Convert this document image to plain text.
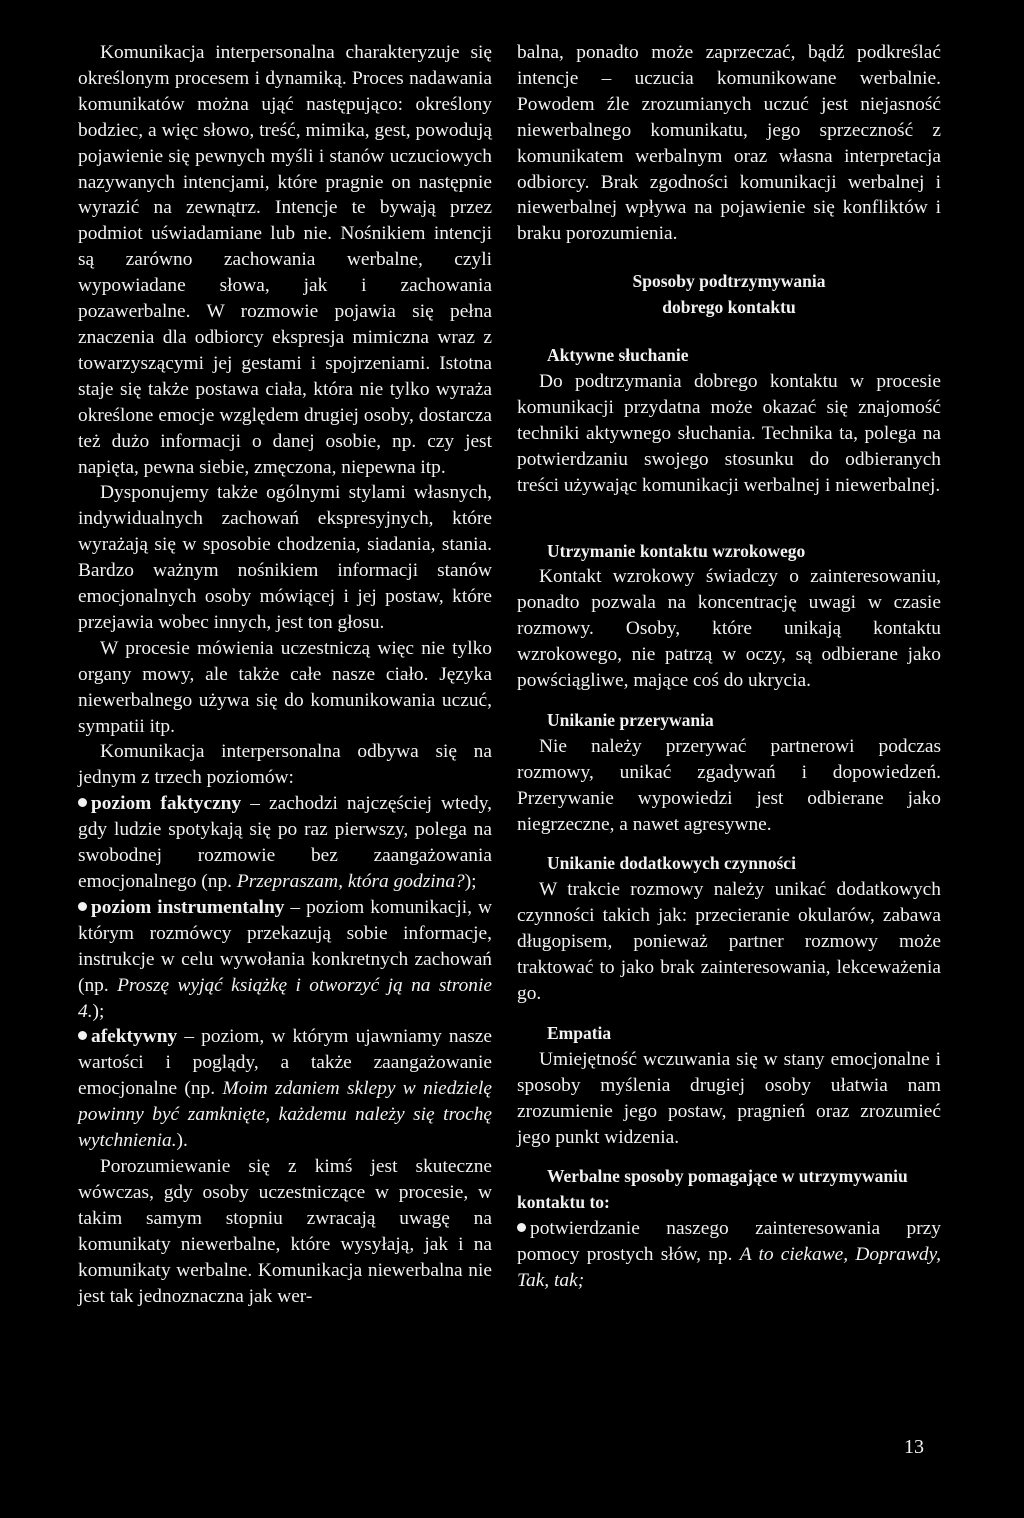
Komunikacja interpersonalna charakteryzuje się określonym procesem i dynamiką. Proces nadawania komunikatów można ująć następująco: określony bodziec, a więc słowo, treść, mimika, gest, powodują pojawienie się pewnych myśli i stanów uczuciowych nazywanych intencjami, które pragnie on następnie wyrazić na zewnątrz. Intencje te bywają przez podmiot uświadamiane lub nie. Nośnikiem intencji są zarówno zachowania werbalne, czyli wypowiadane słowa, jak i zachowania pozawerbalne. W rozmowie pojawia się pełna znaczenia dla odbiorcy ekspresja mimiczna wraz z towarzyszącymi jej gestami i spojrzeniami. Istotna staje się także postawa ciała, która nie tylko wyraża określone emocje względem drugiej osoby, dostarcza też dużo informacji o danej osobie, np. czy jest napięta, pewna siebie, zmęczona, niepewna itp.

Dysponujemy także ogólnymi stylami własnych, indywidualnych zachowań ekspresyjnych, które wyrażają się w sposobie chodzenia, siadania, stania. Bardzo ważnym nośnikiem informacji stanów emocjonalnych osoby mówiącej i jej postaw, które przejawia wobec innych, jest ton głosu.

W procesie mówienia uczestniczą więc nie tylko organy mowy, ale także całe nasze ciało. Języka niewerbalnego używa się do komunikowania uczuć, sympatii itp.

Komunikacja interpersonalna odbywa się na jednym z trzech poziomów:

poziom faktyczny – zachodzi najczęściej wtedy, gdy ludzie spotykają się po raz pierwszy, polega na swobodnej rozmowie bez zaangażowania emocjonalnego (np. Przepraszam, która godzina?);

poziom instrumentalny – poziom komunikacji, w którym rozmówcy przekazują sobie informacje, instrukcje w celu wywołania konkretnych zachowań (np. Proszę wyjąć książkę i otworzyć ją na stronie 4.);

afektywny – poziom, w którym ujawniamy nasze wartości i poglądy, a także zaangażowanie emocjonalne (np. Moim zdaniem sklepy w niedzielę powinny być zamknięte, każdemu należy się trochę wytchnienia.).

Porozumiewanie się z kimś jest skuteczne wówczas, gdy osoby uczestniczące w procesie, w takim samym stopniu zwracają uwagę na komunikaty niewerbalne, które wysyłają, jak i na komunikaty werbalne. Komunikacja niewerbalna nie jest tak jednoznaczna jak wer-

balna, ponadto może zaprzeczać, bądź podkreślać intencje – uczucia komunikowane werbalnie. Powodem źle zrozumianych uczuć jest niejasność niewerbalnego komunikatu, jego sprzeczność z komunikatem werbalnym oraz własna interpretacja odbiorcy. Brak zgodności komunikacji werbalnej i niewerbalnej wpływa na pojawienie się konfliktów i braku porozumienia.

Sposoby podtrzymywania
dobrego kontaktu
Aktywne słuchanie

Do podtrzymania dobrego kontaktu w procesie komunikacji przydatna może okazać się znajomość techniki aktywnego słuchania. Technika ta, polega na potwierdzaniu swojego stosunku do odbieranych treści używając komunikacji werbalnej i niewerbalnej.

Utrzymanie kontaktu wzrokowego

Kontakt wzrokowy świadczy o zainteresowaniu, ponadto pozwala na koncentrację uwagi w czasie rozmowy. Osoby, które unikają kontaktu wzrokowego, nie patrzą w oczy, są odbierane jako powściągliwe, mające coś do ukrycia.

Unikanie przerywania

Nie należy przerywać partnerowi podczas rozmowy, unikać zgadywań i dopowiedzeń. Przerywanie wypowiedzi jest odbierane jako niegrzeczne, a nawet agresywne.

Unikanie dodatkowych czynności

W trakcie rozmowy należy unikać dodatkowych czynności takich jak: przecieranie okularów, zabawa długopisem, ponieważ partner rozmowy może traktować to jako brak zainteresowania, lekceważenia go.

Empatia

Umiejętność wczuwania się w stany emocjonalne i sposoby myślenia drugiej osoby ułatwia nam zrozumienie jego postaw, pragnień oraz zrozumieć jego punkt widzenia.

Werbalne sposoby pomagające w utrzymywaniu kontaktu to:

potwierdzanie naszego zainteresowania przy pomocy prostych słów, np. A to ciekawe, Doprawdy, Tak, tak;

13
